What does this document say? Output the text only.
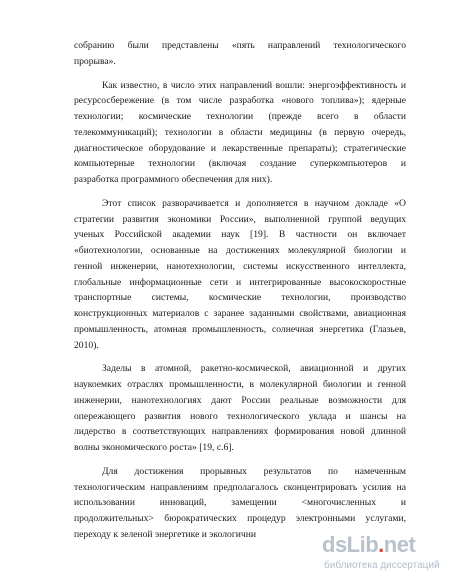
собранию были представлены «пять направлений технологического
прорыва».
Как известно, в число этих направлений вошли: энергоэффективность и
ресурсосбережение (в том числе разработка «нового топлива»); ядерные
технологии; космические технологии (прежде всего в области
телекоммуникаций); технологии в области медицины (в первую очередь,
диагностическое оборудование и лекарственные препараты); стратегические
компьютерные технологии (включая создание суперкомпьютеров и
разработка программного обеспечения для них).
Этот список разворачивается и дополняется в научном докладе «О
стратегии развития экономики России», выполненной группой ведущих
ученых Российской академии наук [19]. В частности он включает
«биотехнологии, основанные на достижениях молекулярной биологии и
генной инженерии, нанотехнологии, системы искусственного интеллекта,
глобальные информационные сети и интегрированные высокоскоростные
транспортные системы, космические технологии, производство
конструкционных материалов с заранее заданными свойствами, авиационная
промышленность, атомная промышленность, солнечная энергетика (Глазьев,
2010).
Заделы в атомной, ракетно-космической, авиационной и других
наукоемких отраслях промышленности, в молекулярной биологии и генной
инженерии, нанотехнологиях дают России реальные возможности для
опережающего развития нового технологического уклада и шансы на
лидерство в соответствующих направлениях формирования новой длинной
волны экономического роста» [19, с.6].
Для достижения прорывных результатов по намеченным
технологическим направлениям предполагалось сконцентрировать усилия на
использовании инноваций, замещении <многочисленных и
продолжительных> бюрократических процедур электронными услугами,
переходу к зеленой энергетике и экологични	dsLib.net
библиотека диссертаций
